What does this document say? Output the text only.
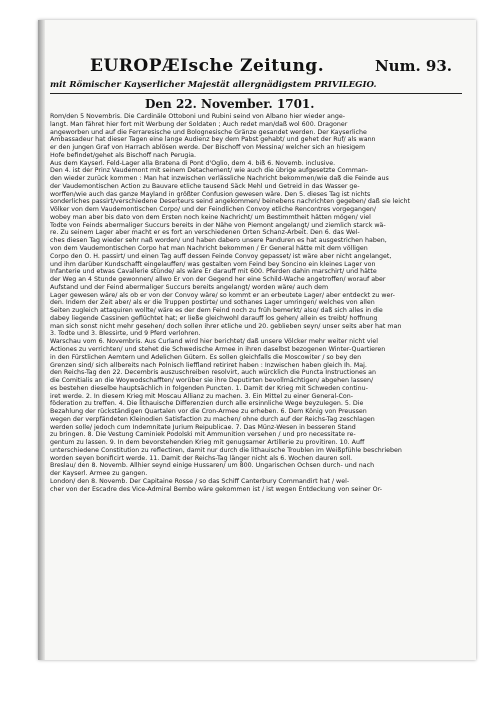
EUROPÆIsche Zeitung.	Num. 93.
mit Römischer Kayserlicher Majestät allergnädigstem PRIVILEGIO.
Den 22. November. 1701.
Rom/den 5 Novembris. Die Cardinäle Ottoboni und Rubini seind von Albano hier wieder ange-
langt. Man fähret hier fort mit Werbung der Soldaten ; Auch redet man/daß wol 600. Dragoner
angeworben und auf die Ferraresische und Bolognesische Gränze gesandet werden. Der Kayserliche
Ambassadeur hat dieser Tagen eine lange Audienz bey dem Pabst gehabt/ und gehet der Ruf/ als wann
er den jungen Graf von Harrach ablösen werde. Der Bischoff von Messina/ welcher sich an hiesigem
Hofe befindet/gehet als Bischoff nach Perugia.
Aus dem Kayserl. Feld-Lager alla Bratena di Pont d'Oglio, dem 4. biß 6. Novemb. inclusive.
Den 4. ist der Prinz Vaudemont mit seinem Detachement/ wie auch die übrige aufgesetzte Comman-
den wieder zurück kommen : Man hat inzwischen verlässliche Nachricht bekommen/wie daß die Feinde aus
der Vaudemontischen Action zu Bauvare etliche tausend Säck Mehl und Getreid in das Wasser ge-
worffen/wie auch das ganze Mayland in größter Confusion gewesen wäre. Den 5. dieses Tag ist nichts
sonderliches passirt/verschiedene Deserteurs seind angekommen/ beinebens nachrichten gegeben/ daß sie leicht
Völker von dem Vaudemontischen Corpo/ und der Feindlichen Convoy etliche Rencontres vorgegangen/
wobey man aber bis dato von dem Ersten noch keine Nachricht/ um Bestimmtheit hätten mögen/ viel
Todte von Feinds abermaliger Succurs bereits in der Nähe von Piemont angelangt/ und ziemlich starck wä-
re. Zu seinem Lager aber macht er es fort an verschiedenen Orten Schanz-Arbeit. Den 6. das Wel-
ches diesen Tag wieder sehr naß worden/ und haben dabero unsere Panduren es hat ausgestrichen haben,
von dem Vaudemontischen Corpo hat man Nachricht bekommen / Er General hätte mit dem völligen
Corpo den O. H. passirt/ und einen Tag auff dessen Feinde Convoy gepasset/ ist wäre aber nicht angelanget,
und ihm darüber Kundschafft eingelauffen/ was gestalten vom Feind bey Soncino ein kleines Lager von
Infanterie und etwas Cavallerie stünde/ als wäre Er darauff mit 600. Pferden dahin marschirt/ und hätte
der Weg an 4 Stunde gewonnen/ allwo Er von der Gegend her eine Schild-Wache angetroffen/ worauf aber
Aufstand und der Feind abermaliger Succurs bereits angelangt/ worden wäre/ auch dem
Lager gewesen wäre/ als ob er von der Convoy wäre/ so kommt er an erbeutete Lager/ aber entdeckt zu wer-
den. Indem der Zeit aber/ als er die Truppen postirte/ und sothanes Lager umringen/ welches von allen
Seiten zugleich attaquiren wollte/ wäre es der dem Feind noch zu früh bemerkt/ also/ daß sich alles in die
dabey liegende Cassinen geflüchtet hat; er ließe gleichwohl darauff los gehen/ allein es treibt/ hoffnung
man sich sonst nicht mehr gesehen/ doch sollen ihrer etliche und 20. geblieben seyn/ unser seits aber hat man
3. Todte und 3. Blessirte, und 9 Pferd verlohren.
Warschau vom 6. Novembris. Aus Curland wird hier berichtet/ daß unsere Völcker mehr weiter nicht viel
Actiones zu verrichten/ und stehet die Schwedische Armee in ihren daselbst bezogenen Winter-Quartieren
in den Fürstlichen Aemtern und Adelichen Gütern. Es sollen gleichfalls die Moscowiter / so bey den
Grenzen sind/ sich allbereits nach Polnisch lieffland retiriret haben : Inzwischen haben gleich Ih. Maj.
den Reichs-Tag den 22. Decembris auszuschreiben resolvirt, auch würcklich die Puncta Instructiones an
die Comitialis an die Woywodschafften/ worüber sie ihre Deputirten bevollmächtigen/ abgehen lassen/
es bestehen dieselbe hauptsächlich in folgenden Puncten. 1. Damit der Krieg mit Schweden continu-
iret werde. 2. In diesem Krieg mit Moscau Allianz zu machen. 3. Ein Mittel zu einer General-Con-
föderation zu treffen. 4. Die lithauische Differenzien durch alle ersinnliche Wege beyzulegen. 5. Die
Bezahlung der rückständigen Quartalen vor die Cron-Armee zu erheben. 6. Dem König von Preussen
wegen der verpfändeten Kleinodien Satisfaction zu machen/ ohne durch auf der Reichs-Tag zeschlagen
werden solle/ jedoch cum Indemnitate Jurium Reipublicae. 7. Das Münz-Wesen in besseren Stand
zu bringen. 8. Die Vestung Caminiek Podolski mit Ammunition versehen / und pro necessitate re-
gentum zu lassen. 9. In dem bevorstehenden Krieg mit genugsamer Artillerie zu provitiren. 10. Auff
unterschiedene Constitution zu reflectiren, damit nur durch die lithauische Troublen im Weißpfühle beschrieben
worden seyen bonificirt werde. 11. Damit der Reichs-Tag länger nicht als 6. Wochen dauren soll.
Breslau/ den 8. Novemb. Allhier seynd einige Hussaren/ um 800. Ungarischen Ochsen durch- und nach
der Kayserl. Armee zu gangen.
London/ den 8. Novemb. Der Capitaine Rosse / so das Schiff Canterbury Commandirt hat / wel-
cher von der Escadre des Vice-Admiral Bembo wäre gekommen ist / ist wegen Entdeckung von seiner Or-
